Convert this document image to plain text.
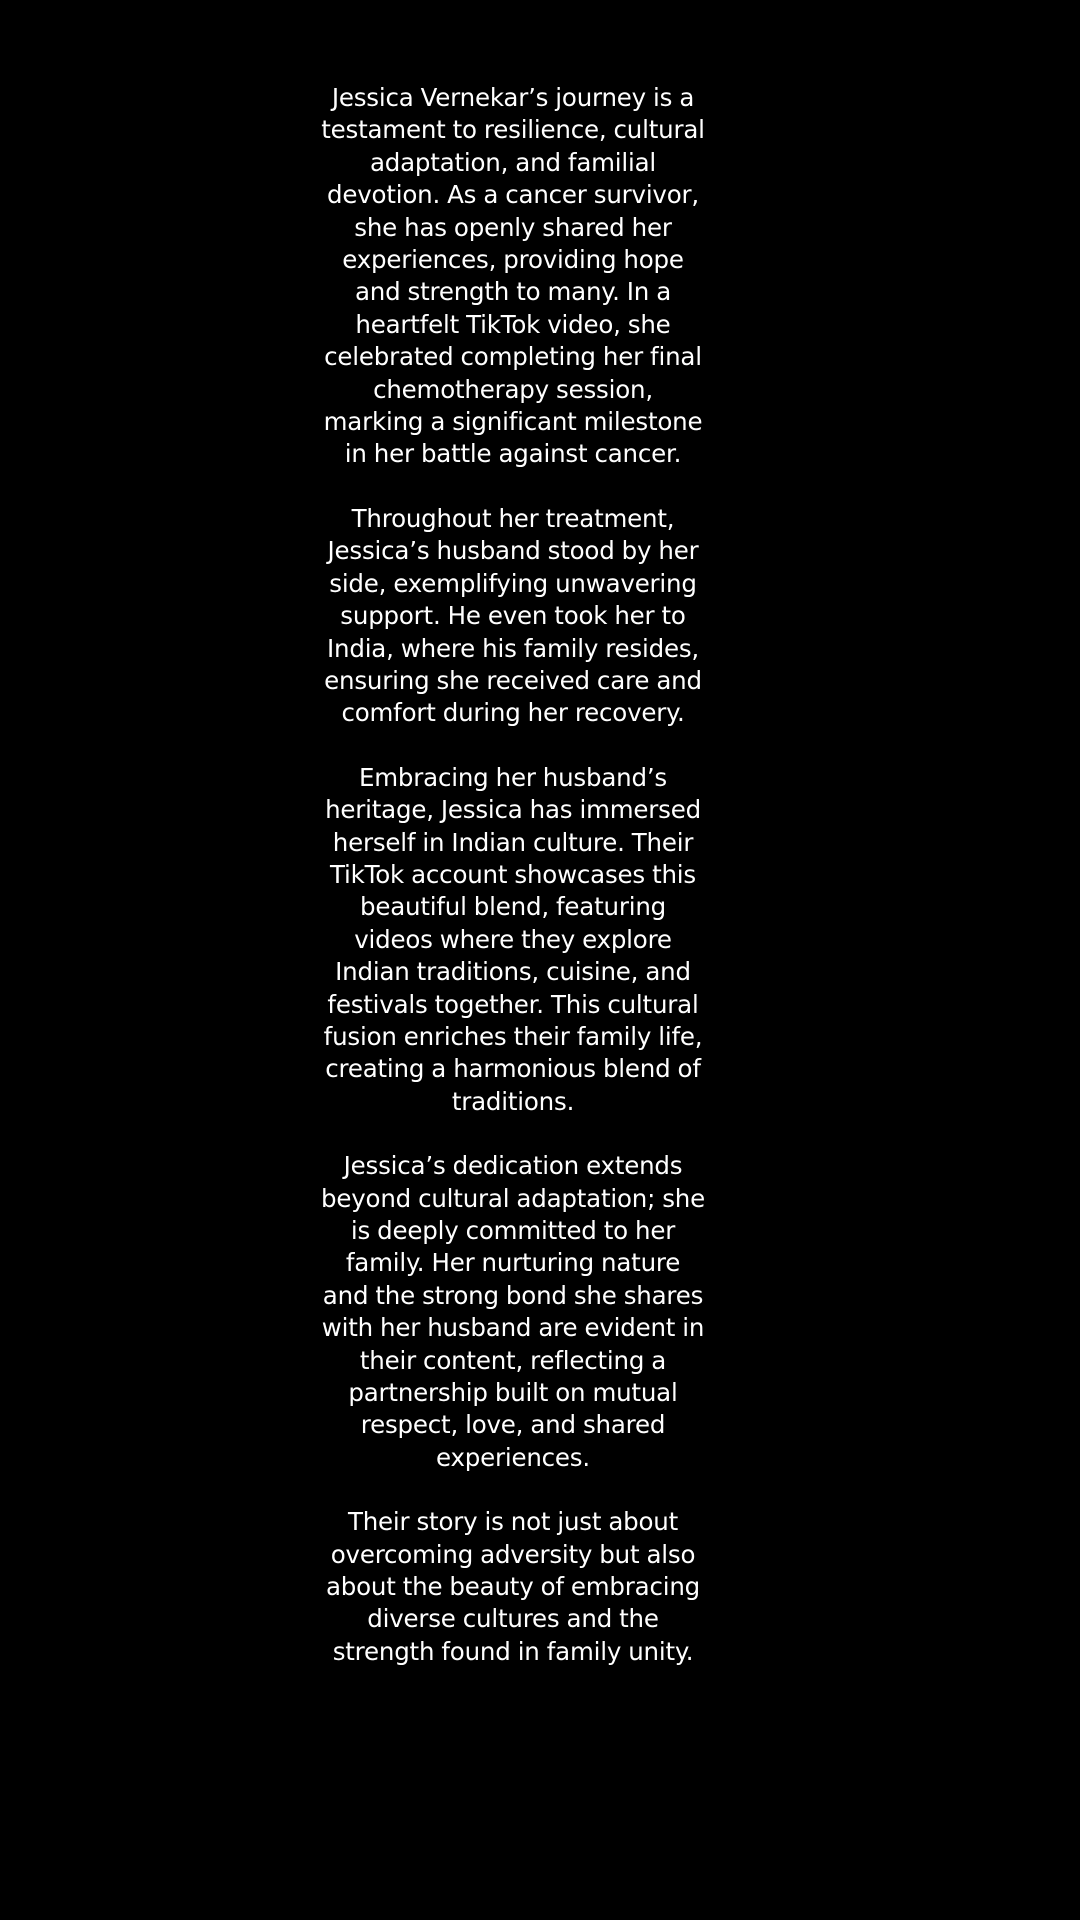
Jessica Vernekar’s journey is a testament to resilience, cultural adaptation, and familial devotion. As a cancer survivor, she has openly shared her experiences, providing hope and strength to many. In a heartfelt TikTok video, she celebrated completing her final chemotherapy session, marking a significant milestone in her battle against cancer.

Throughout her treatment, Jessica’s husband stood by her side, exemplifying unwavering support. He even took her to India, where his family resides, ensuring she received care and comfort during her recovery.

Embracing her husband’s heritage, Jessica has immersed herself in Indian culture. Their TikTok account showcases this beautiful blend, featuring videos where they explore Indian traditions, cuisine, and festivals together. This cultural fusion enriches their family life, creating a harmonious blend of traditions.

Jessica’s dedication extends beyond cultural adaptation; she is deeply committed to her family. Her nurturing nature and the strong bond she shares with her husband are evident in their content, reflecting a partnership built on mutual respect, love, and shared experiences.

Their story is not just about overcoming adversity but also about the beauty of embracing diverse cultures and the strength found in family unity.
